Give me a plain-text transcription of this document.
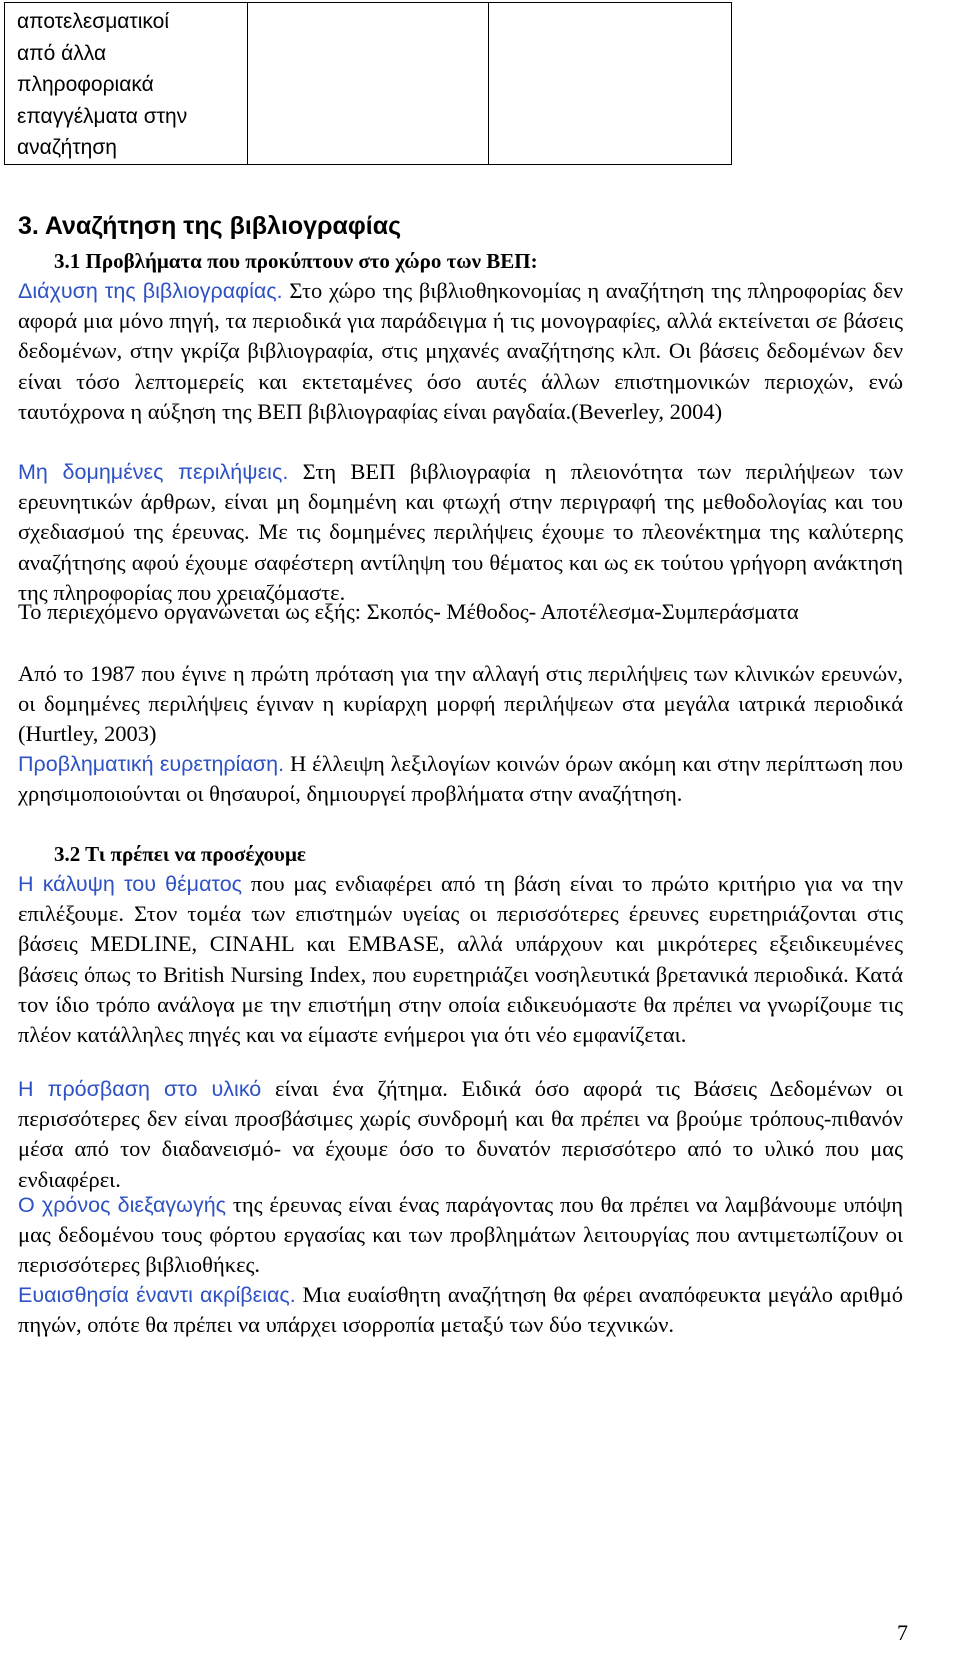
αποτελεσματικοί
από άλλα
πληροφοριακά
επαγγέλματα στην
αναζήτηση

3. Αναζήτηση της βιβλιογραφίας
3.1 Προβλήματα που προκύπτουν στο χώρο των ΒΕΠ:
Διάχυση της βιβλιογραφίας. Στο χώρο της βιβλιοθηκονομίας η αναζήτηση της πληροφορίας δεν αφορά μια μόνο πηγή, τα περιοδικά για παράδειγμα ή τις μονογραφίες, αλλά εκτείνεται σε βάσεις δεδομένων, στην γκρίζα βιβλιογραφία, στις μηχανές αναζήτησης κλπ. Οι βάσεις δεδομένων δεν είναι τόσο λεπτομερείς και εκτεταμένες όσο αυτές άλλων επιστημονικών περιοχών, ενώ ταυτόχρονα η αύξηση της ΒΕΠ βιβλιογραφίας είναι ραγδαία.(Beverley, 2004)
Μη δομημένες περιλήψεις. Στη ΒΕΠ βιβλιογραφία η πλειονότητα των περιλήψεων των ερευνητικών άρθρων, είναι μη δομημένη και φτωχή στην περιγραφή της μεθοδολογίας και του σχεδιασμού της έρευνας. Με τις δομημένες περιλήψεις έχουμε το πλεονέκτημα της καλύτερης αναζήτησης αφού έχουμε σαφέστερη αντίληψη του θέματος και ως εκ τούτου γρήγορη ανάκτηση της πληροφορίας που χρειαζόμαστε.
Το περιεχόμενο οργανώνεται ως εξής: Σκοπός- Μέθοδος- Αποτέλεσμα-Συμπεράσματα
Από το 1987 που έγινε η πρώτη πρόταση για την αλλαγή στις περιλήψεις των κλινικών ερευνών, οι δομημένες περιλήψεις έγιναν η κυρίαρχη μορφή περιλήψεων στα μεγάλα ιατρικά περιοδικά (Hurtley, 2003)
Προβληματική ευρετηρίαση. Η έλλειψη λεξιλογίων κοινών όρων ακόμη και στην περίπτωση που χρησιμοποιούνται οι θησαυροί, δημιουργεί προβλήματα στην αναζήτηση.
3.2 Τι πρέπει να προσέχουμε
Η κάλυψη του θέματος που μας ενδιαφέρει από τη βάση είναι το πρώτο κριτήριο για να την επιλέξουμε. Στον τομέα των επιστημών υγείας οι περισσότερες έρευνες ευρετηριάζονται στις βάσεις MEDLINE, CINAHL και EMBASE, αλλά υπάρχουν και μικρότερες εξειδικευμένες βάσεις όπως το British Nursing Index, που ευρετηριάζει νοσηλευτικά βρετανικά περιοδικά. Κατά τον ίδιο τρόπο ανάλογα με την επιστήμη στην οποία ειδικευόμαστε θα πρέπει να γνωρίζουμε τις πλέον κατάλληλες πηγές και να είμαστε ενήμεροι για ότι νέο εμφανίζεται.
Η πρόσβαση στο υλικό είναι ένα ζήτημα. Ειδικά όσο αφορά τις Βάσεις Δεδομένων οι περισσότερες δεν είναι προσβάσιμες χωρίς συνδρομή και θα πρέπει να βρούμε τρόπους-πιθανόν μέσα από τον διαδανεισμό- να έχουμε όσο το δυνατόν περισσότερο από το υλικό που μας ενδιαφέρει.
Ο χρόνος διεξαγωγής της έρευνας είναι ένας παράγοντας που θα πρέπει να λαμβάνουμε υπόψη μας δεδομένου τους φόρτου εργασίας και των προβλημάτων λειτουργίας που αντιμετωπίζουν οι περισσότερες βιβλιοθήκες.
Ευαισθησία έναντι ακρίβειας. Μια ευαίσθητη αναζήτηση θα φέρει αναπόφευκτα μεγάλο αριθμό πηγών, οπότε θα πρέπει να υπάρχει ισορροπία μεταξύ των δύο τεχνικών.
7
